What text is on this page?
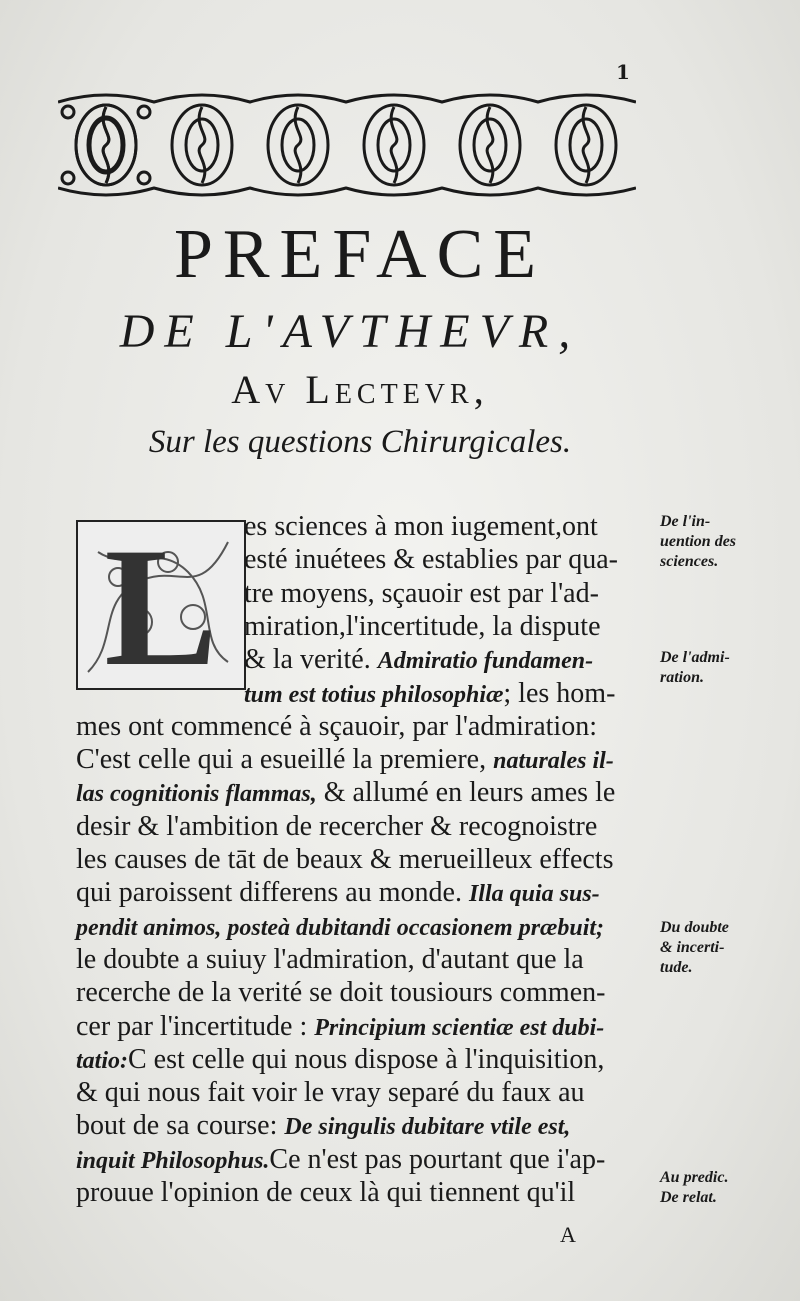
1
PREFACE
DE L'AVTHEVR,
Av Lectevr,
Sur les questions Chirurgicales.
L es sciences à mon iugement,ont
esté inuétees & establies par qua-
tre moyens, sçauoir est par l'ad-
miration,l'incertitude, la dispute
& la verité. Admiratio fundamen-
tum est totius philosophiæ; les hom-
mes ont commencé à sçauoir, par l'admiration:
C'est celle qui a esueillé la premiere, naturales il-
las cognitionis flammas, & allumé en leurs ames le
desir & l'ambition de recercher & recognoistre
les causes de tāt de beaux & merueilleux effects
qui paroissent differens au monde. Illa quia sus-
pendit animos, posteà dubitandi occasionem præbuit;
le doubte a suiuy l'admiration, d'autant que la
recerche de la verité se doit tousiours commen-
cer par l'incertitude : Principium scientiæ est dubi-
tatio:C est celle qui nous dispose à l'inquisition,
& qui nous fait voir le vray separé du faux au
bout de sa course: De singulis dubitare vtile est,
inquit Philosophus.Ce n'est pas pourtant que i'ap-
prouue l'opinion de ceux là qui tiennent qu'il
De l'in-
uention des
sciences.
De l'admi-
ration.
Du doubte
& incerti-
tude.
Au predic.
De relat.
A
